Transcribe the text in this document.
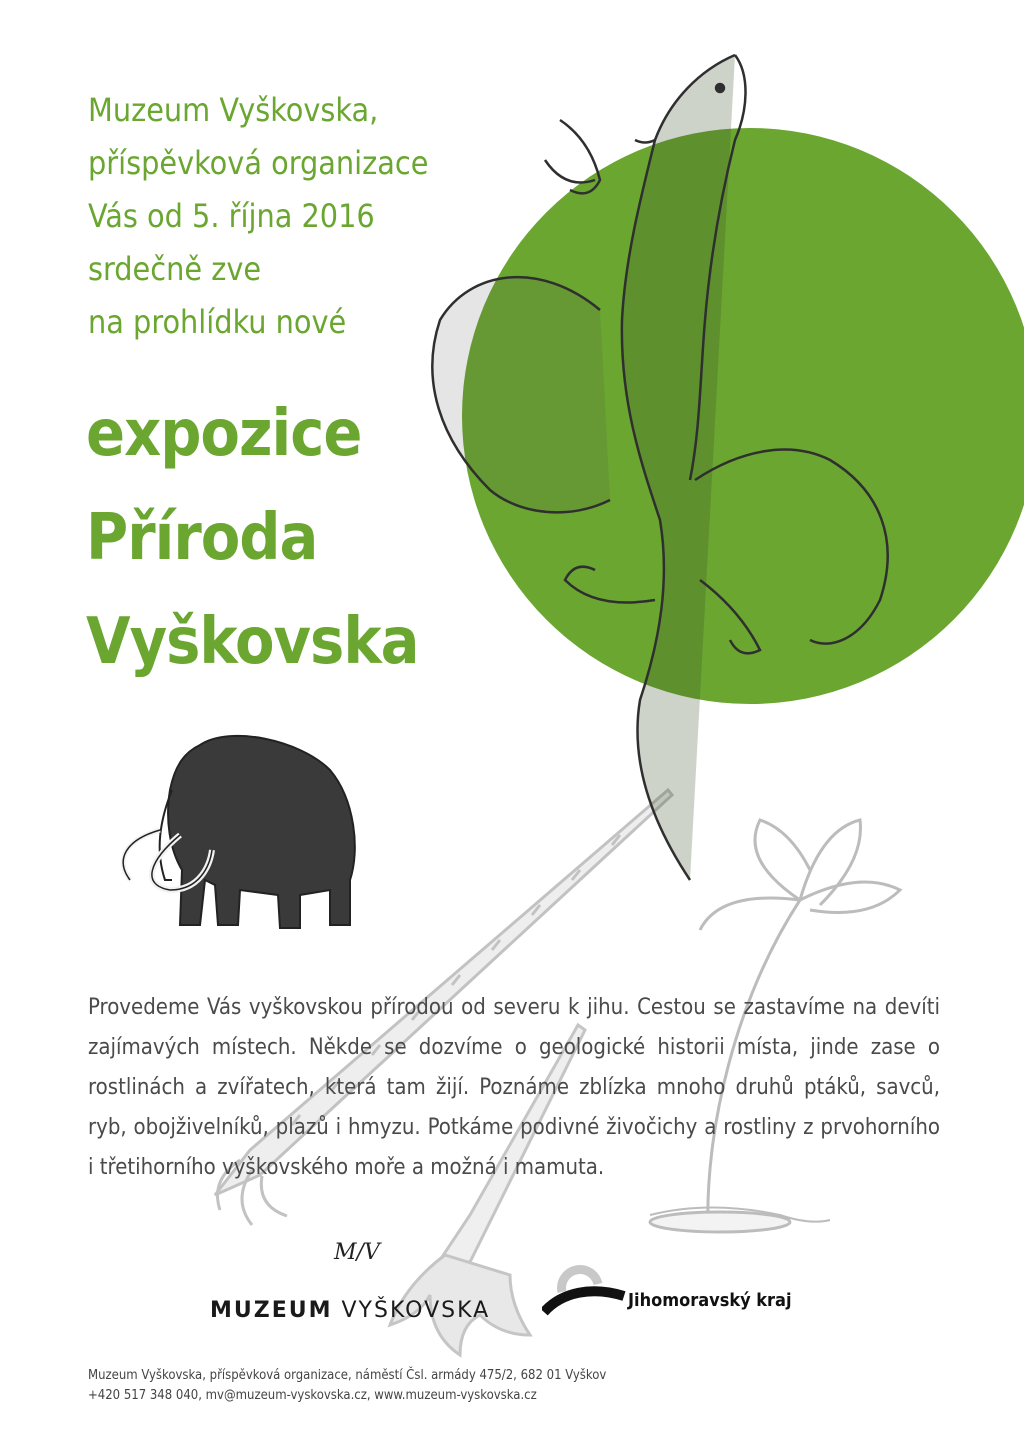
Muzeum Vyškovska,
příspěvková organizace
Vás od 5. října 2016
srdečně zve
na prohlídku nové
expozice
Příroda
Vyškovska

Provedeme Vás vyškovskou přírodou od severu k jihu. Cestou se zastavíme na devíti zajímavých místech. Někde se dozvíme o geologické historii místa, jinde zase o rostlinách a zvířatech, která tam žijí. Poznáme zblízka mnoho druhů ptáků, savců, ryb, obojživelníků, plazů i hmyzu. Potkáme podivné živočichy a rostliny z prvohorního i třetihorního vyškovského moře a možná i mamuta.

M/V
MUZEUM VYŠKOVSKA	Jihomoravský kraj

Muzeum Vyškovska, příspěvková organizace, náměstí Čsl. armády 475/2, 682 01 Vyškov
+420 517 348 040, mv@muzeum-vyskovska.cz, www.muzeum-vyskovska.cz
